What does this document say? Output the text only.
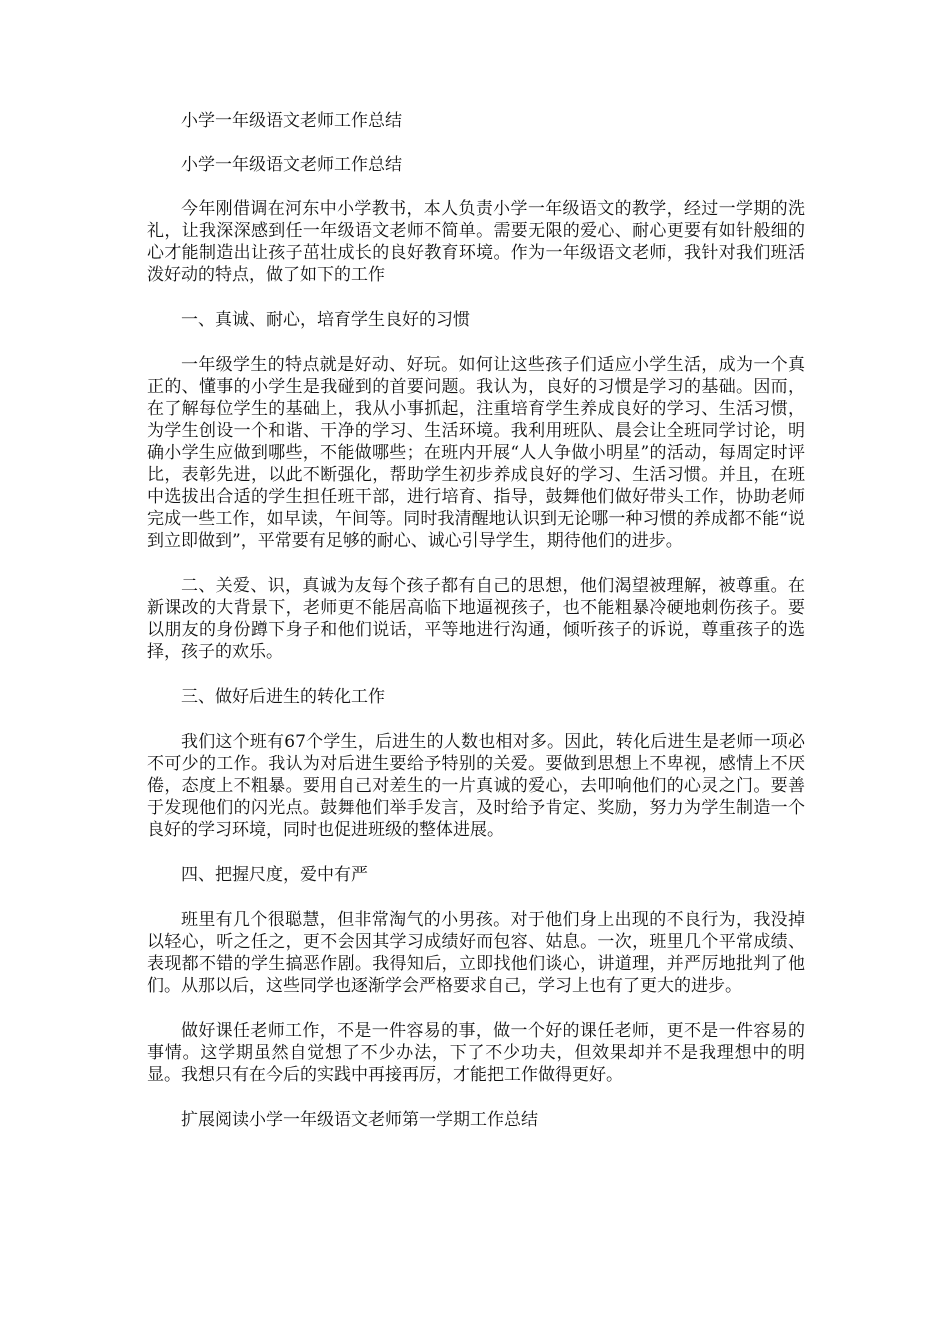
小学一年级语文老师工作总结

小学一年级语文老师工作总结

今年刚借调在河东中小学教书，本人负责小学一年级语文的教学，经过一学期的洗礼，让我深深感到任一年级语文老师不简单。需要无限的爱心、耐心更要有如针般细的心才能制造出让孩子茁壮成长的良好教育环境。作为一年级语文老师，我针对我们班活泼好动的特点，做了如下的工作

一、真诚、耐心，培育学生良好的习惯

一年级学生的特点就是好动、好玩。如何让这些孩子们适应小学生活，成为一个真正的、懂事的小学生是我碰到的首要问题。我认为，良好的习惯是学习的基础。因而，在了解每位学生的基础上，我从小事抓起，注重培育学生养成良好的学习、生活习惯，为学生创设一个和谐、干净的学习、生活环境。我利用班队、晨会让全班同学讨论，明确小学生应做到哪些，不能做哪些；在班内开展“人人争做小明星”的活动，每周定时评比，表彰先进，以此不断强化，帮助学生初步养成良好的学习、生活习惯。并且，在班中选拔出合适的学生担任班干部，进行培育、指导，鼓舞他们做好带头工作，协助老师完成一些工作，如早读，午间等。同时我清醒地认识到无论哪一种习惯的养成都不能“说到立即做到”，平常要有足够的耐心、诚心引导学生，期待他们的进步。

二、关爱、识，真诚为友每个孩子都有自己的思想，他们渴望被理解，被尊重。在新课改的大背景下，老师更不能居高临下地逼视孩子，也不能粗暴冷硬地刺伤孩子。要以朋友的身份蹲下身子和他们说话，平等地进行沟通，倾听孩子的诉说，尊重孩子的选择，孩子的欢乐。

三、做好后进生的转化工作

我们这个班有67个学生，后进生的人数也相对多。因此，转化后进生是老师一项必不可少的工作。我认为对后进生要给予特别的关爱。要做到思想上不卑视，感情上不厌倦，态度上不粗暴。要用自己对差生的一片真诚的爱心，去叩响他们的心灵之门。要善于发现他们的闪光点。鼓舞他们举手发言，及时给予肯定、奖励，努力为学生制造一个良好的学习环境，同时也促进班级的整体进展。

四、把握尺度，爱中有严

班里有几个很聪慧，但非常淘气的小男孩。对于他们身上出现的不良行为，我没掉以轻心，听之任之，更不会因其学习成绩好而包容、姑息。一次，班里几个平常成绩、表现都不错的学生搞恶作剧。我得知后，立即找他们谈心，讲道理，并严厉地批判了他们。从那以后，这些同学也逐渐学会严格要求自己，学习上也有了更大的进步。

做好课任老师工作，不是一件容易的事，做一个好的课任老师，更不是一件容易的事情。这学期虽然自觉想了不少办法，下了不少功夫，但效果却并不是我理想中的明显。我想只有在今后的实践中再接再厉，才能把工作做得更好。

扩展阅读小学一年级语文老师第一学期工作总结
